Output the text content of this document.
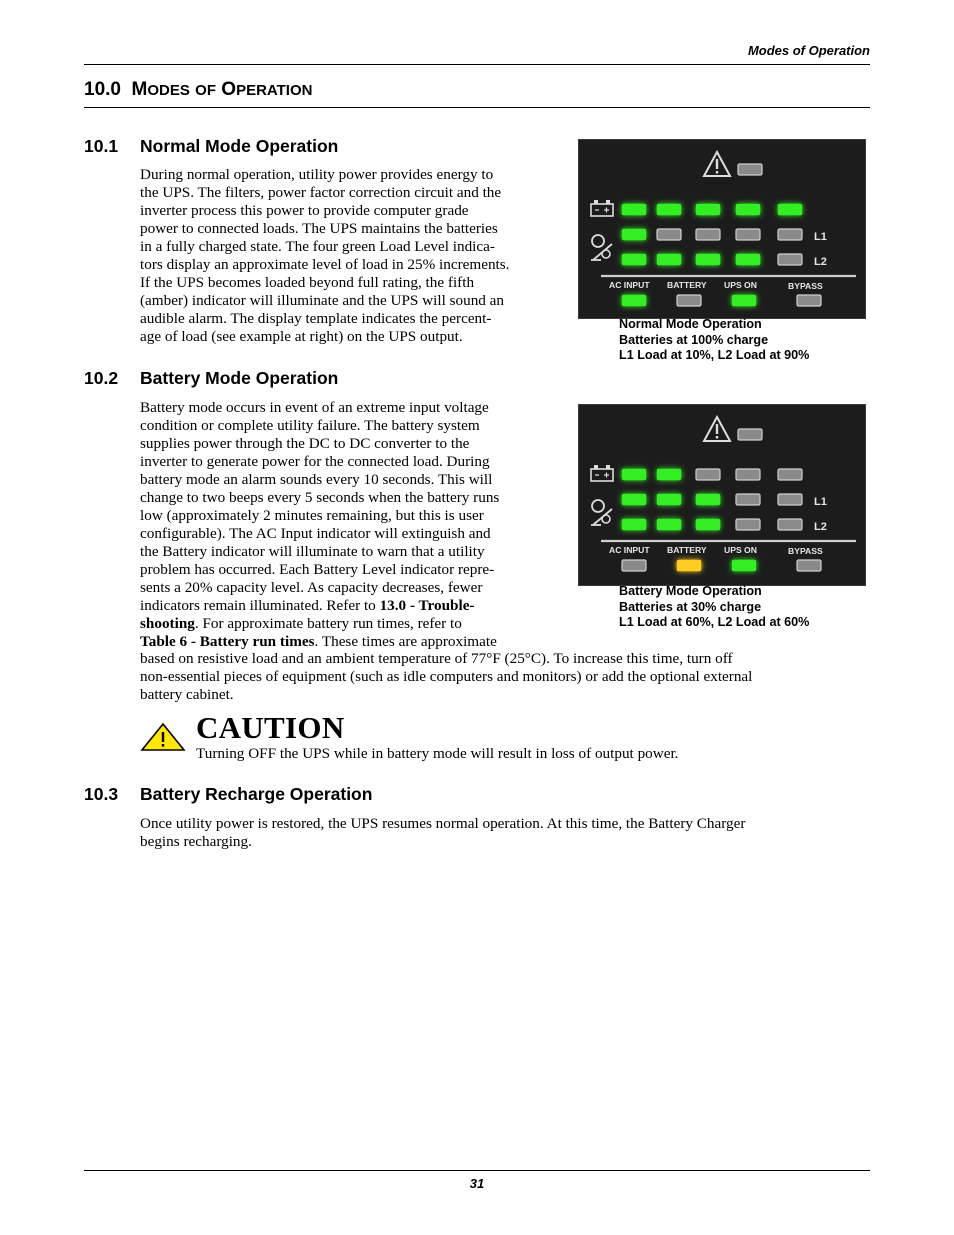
Modes of Operation
10.0 MODES OF OPERATION
10.1 Normal Mode Operation
During normal operation, utility power provides energy to
the UPS. The filters, power factor correction circuit and the
inverter process this power to provide computer grade
power to connected loads. The UPS maintains the batteries
in a fully charged state. The four green Load Level indica-
tors display an approximate level of load in 25% increments.
If the UPS becomes loaded beyond full rating, the fifth
(amber) indicator will illuminate and the UPS will sound an
audible alarm. The display template indicates the percent-
age of load (see example at right) on the UPS output.
L1
L2
AC INPUT BATTERY UPS ON	BYPASS
Normal Mode Operation
Batteries at 100% charge
L1 Load at 10%, L2 Load at 90%
10.2 Battery Mode Operation
Battery mode occurs in event of an extreme input voltage
condition or complete utility failure. The battery system
supplies power through the DC to DC converter to the
inverter to generate power for the connected load. During
battery mode an alarm sounds every 10 seconds. This will
change to two beeps every 5 seconds when the battery runs
low (approximately 2 minutes remaining, but this is user
configurable). The AC Input indicator will extinguish and
the Battery indicator will illuminate to warn that a utility
problem has occurred. Each Battery Level indicator repre-
sents a 20% capacity level. As capacity decreases, fewer
indicators remain illuminated. Refer to 13.0 - Trouble-
shooting. For approximate battery run times, refer to
Table 6 - Battery run times. These times are approximate
based on resistive load and an ambient temperature of 77°F (25°C). To increase this time, turn off
non-essential pieces of equipment (such as idle computers and monitors) or add the optional external
battery cabinet.
L1
L2
AC INPUT BATTERY UPS ON	BYPASS
Battery Mode Operation
Batteries at 30% charge
L1 Load at 60%, L2 Load at 60%
CAUTION
Turning OFF the UPS while in battery mode will result in loss of output power.
10.3 Battery Recharge Operation
Once utility power is restored, the UPS resumes normal operation. At this time, the Battery Charger
begins recharging.
31
